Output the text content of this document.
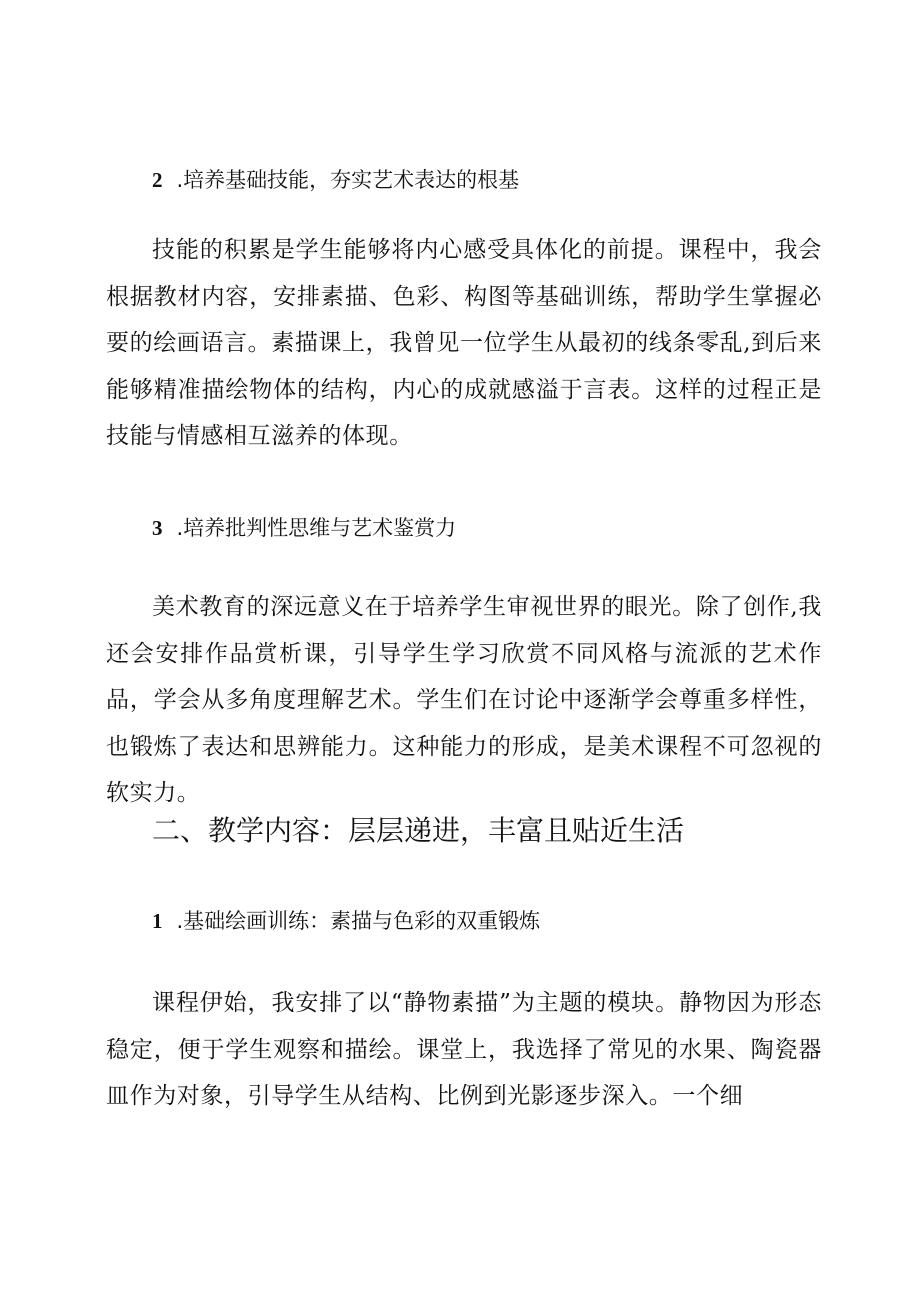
2 .培养基础技能，夯实艺术表达的根基

技能的积累是学生能够将内心感受具体化的前提。课程中，我会根据教材内容，安排素描、色彩、构图等基础训练，帮助学生掌握必要的绘画语言。素描课上，我曾见一位学生从最初的线条零乱,到后来能够精准描绘物体的结构，内心的成就感溢于言表。这样的过程正是技能与情感相互滋养的体现。

3 .培养批判性思维与艺术鉴赏力

美术教育的深远意义在于培养学生审视世界的眼光。除了创作,我还会安排作品赏析课，引导学生学习欣赏不同风格与流派的艺术作品，学会从多角度理解艺术。学生们在讨论中逐渐学会尊重多样性，也锻炼了表达和思辨能力。这种能力的形成，是美术课程不可忽视的软实力。

二、教学内容：层层递进，丰富且贴近生活
1 .基础绘画训练：素描与色彩的双重锻炼

课程伊始，我安排了以“静物素描”为主题的模块。静物因为形态稳定，便于学生观察和描绘。课堂上，我选择了常见的水果、陶瓷器皿作为对象，引导学生从结构、比例到光影逐步深入。一个细
